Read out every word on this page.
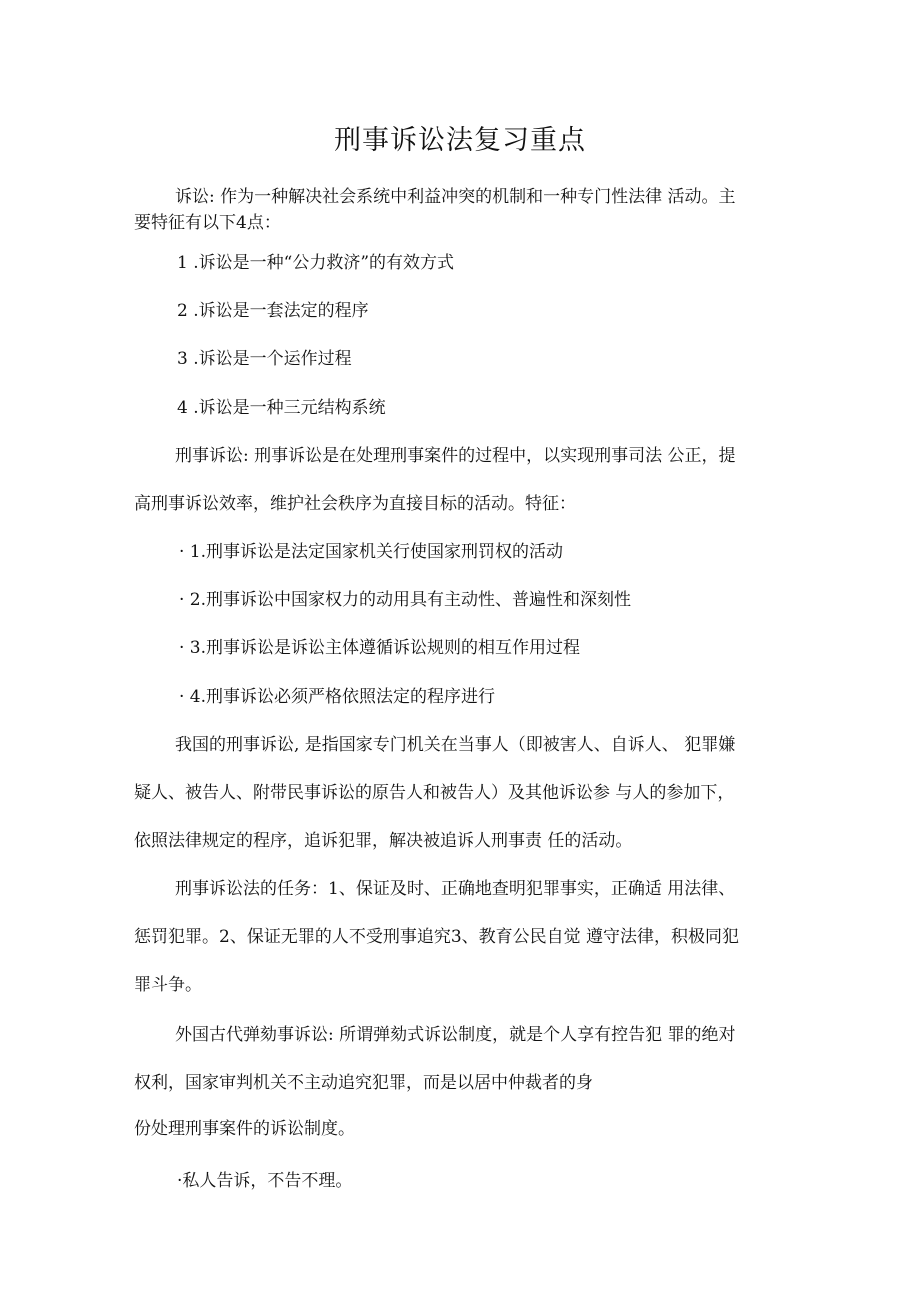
刑事诉讼法复习重点

诉讼: 作为一种解决社会系统中利益冲突的机制和一种专门性法律 活动。主

要特征有以下4点：

1 .诉讼是一种“公力救济”的有效方式

2 .诉讼是一套法定的程序

3 .诉讼是一个运作过程

4 .诉讼是一种三元结构系统

刑事诉讼: 刑事诉讼是在处理刑事案件的过程中，以实现刑事司法 公正，提

高刑事诉讼效率，维护社会秩序为直接目标的活动。特征：

· 1.刑事诉讼是法定国家机关行使国家刑罚权的活动

· 2.刑事诉讼中国家权力的动用具有主动性、普遍性和深刻性

· 3.刑事诉讼是诉讼主体遵循诉讼规则的相互作用过程

· 4.刑事诉讼必须严格依照法定的程序进行

我国的刑事诉讼, 是指国家专门机关在当事人（即被害人、自诉人、 犯罪嫌

疑人、被告人、附带民事诉讼的原告人和被告人）及其他诉讼参 与人的参加下，

依照法律规定的程序，追诉犯罪，解决被追诉人刑事责 任的活动。

刑事诉讼法的任务：1、保证及时、正确地查明犯罪事实，正确适 用法律、

惩罚犯罪。2、保证无罪的人不受刑事追究3、教育公民自觉 遵守法律，积极同犯

罪斗争。

外国古代弹劾事诉讼: 所谓弹劾式诉讼制度，就是个人享有控告犯 罪的绝对

权利，国家审判机关不主动追究犯罪，而是以居中仲裁者的身

份处理刑事案件的诉讼制度。

·私人告诉，不告不理。
